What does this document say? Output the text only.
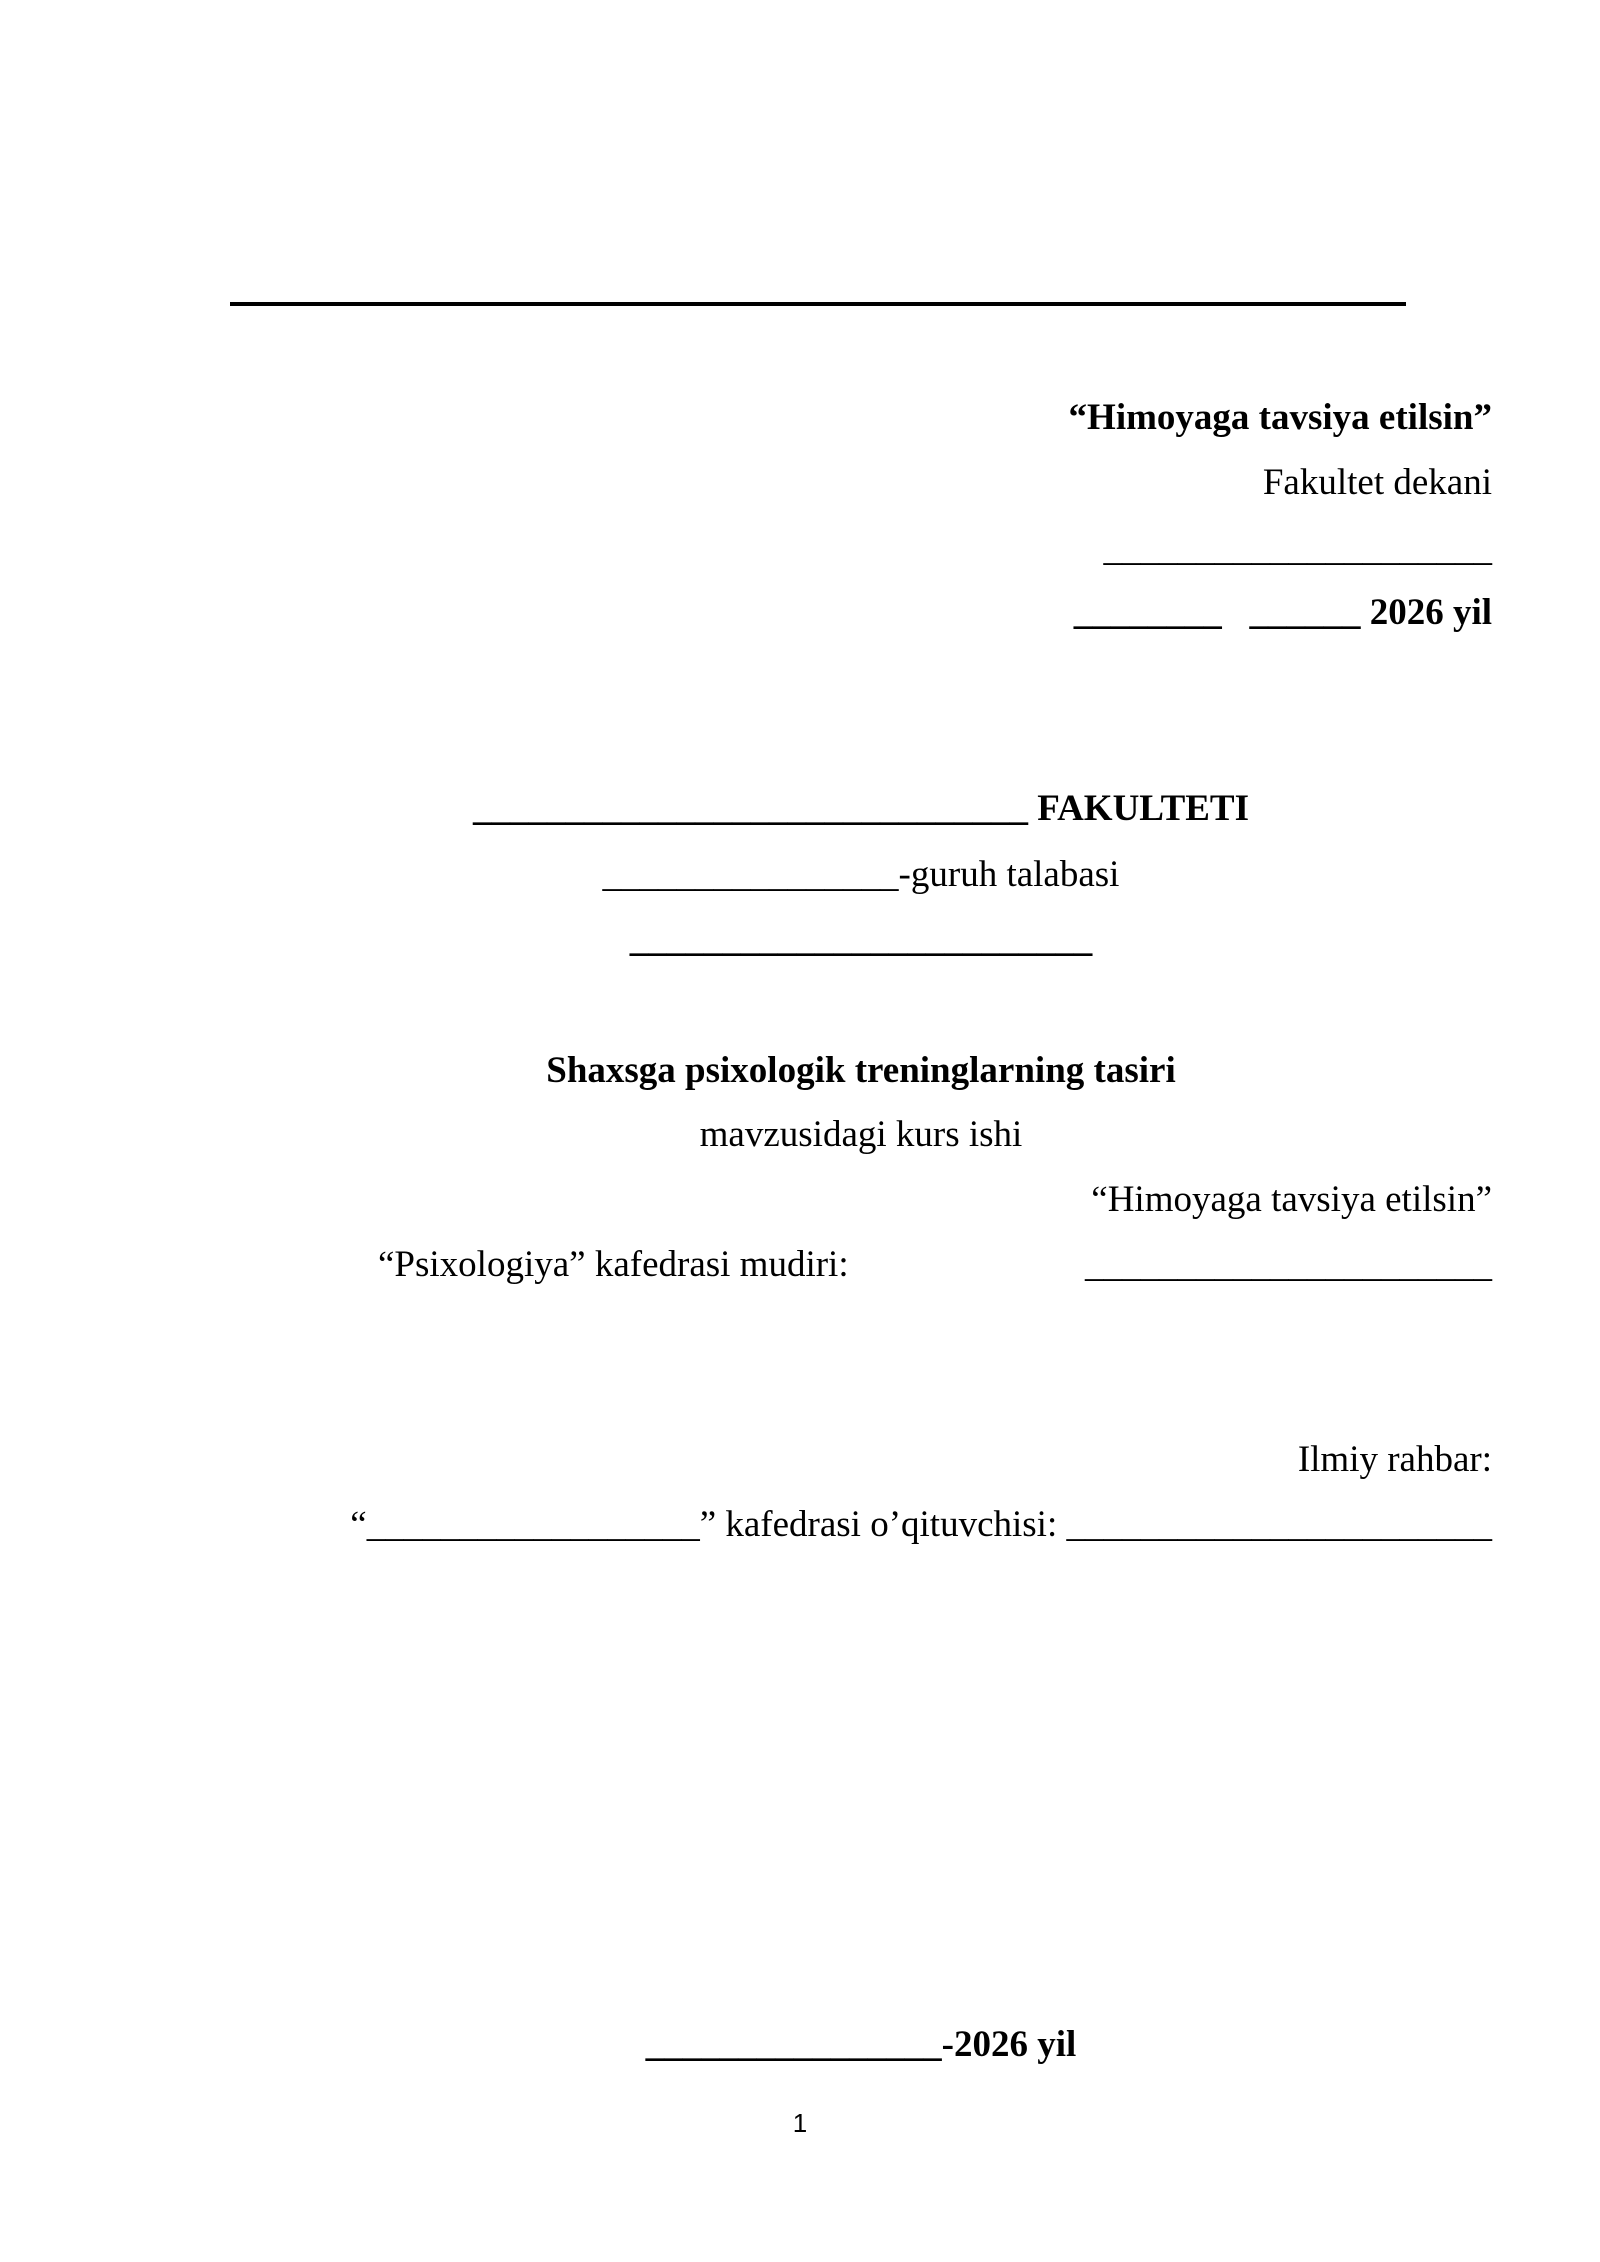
“Himoyaga tavsiya etilsin”
Fakultet dekani
_____________________
________   ______ 2026 yil
______________________________ FAKULTETI
________________-guruh talabasi
_________________________
Shaxsga psixologik treninglarning tasiri
mavzusidagi kurs ishi
“Himoyaga tavsiya etilsin”
“Psixologiya” kafedrasi mudiri:	______________________
Ilmiy rahbar:
“__________________” kafedrasi o’qituvchisi: _______________________
________________-2026 yil
1
